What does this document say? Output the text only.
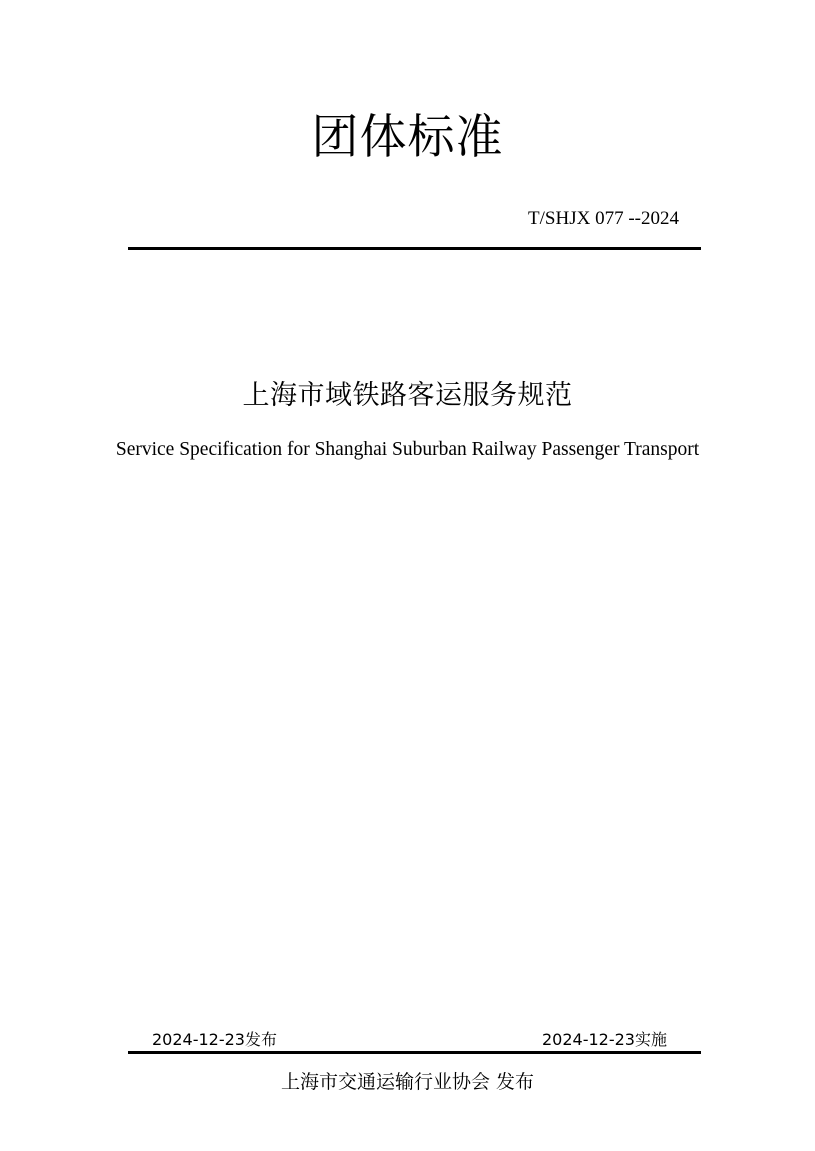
团体标准
T/SHJX 077 --2024
上海市域铁路客运服务规范
Service Specification for Shanghai Suburban Railway Passenger Transport
2024-12-23发布	2024-12-23实施
上海市交通运输行业协会 发布
